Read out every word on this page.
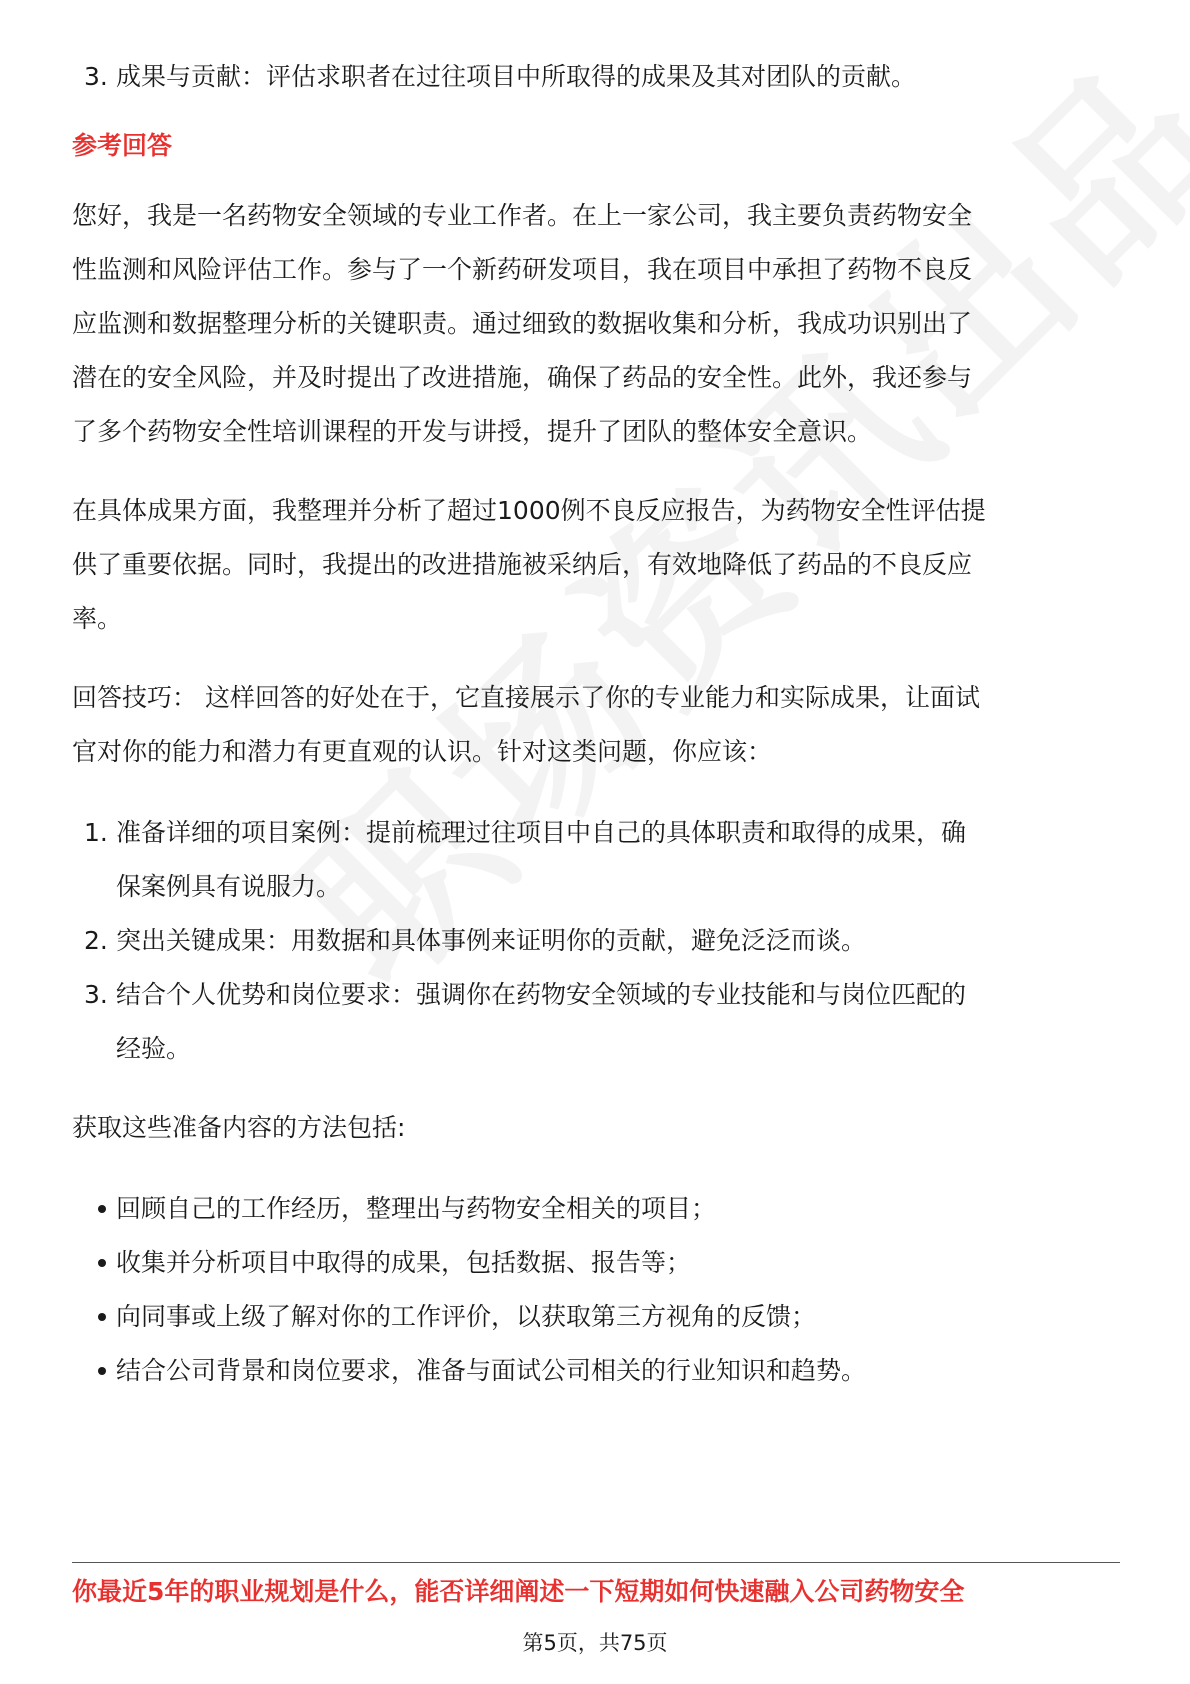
3. 成果与贡献：评估求职者在过往项目中所取得的成果及其对团队的贡献。
参考回答
您好，我是一名药物安全领域的专业工作者。在上一家公司，我主要负责药物安全
性监测和风险评估工作。参与了一个新药研发项目，我在项目中承担了药物不良反
应监测和数据整理分析的关键职责。通过细致的数据收集和分析，我成功识别出了
潜在的安全风险，并及时提出了改进措施，确保了药品的安全性。此外，我还参与
了多个药物安全性培训课程的开发与讲授，提升了团队的整体安全意识。
在具体成果方面，我整理并分析了超过1000例不良反应报告，为药物安全性评估提
供了重要依据。同时，我提出的改进措施被采纳后，有效地降低了药品的不良反应
率。
回答技巧： 这样回答的好处在于，它直接展示了你的专业能力和实际成果，让面试
官对你的能力和潜力有更直观的认识。针对这类问题，你应该：
1. 准备详细的项目案例：提前梳理过往项目中自己的具体职责和取得的成果，确
保案例具有说服力。
2. 突出关键成果：用数据和具体事例来证明你的贡献，避免泛泛而谈。
3. 结合个人优势和岗位要求：强调你在药物安全领域的专业技能和与岗位匹配的
经验。
获取这些准备内容的方法包括:
回顾自己的工作经历，整理出与药物安全相关的项目；
收集并分析项目中取得的成果，包括数据、报告等；
向同事或上级了解对你的工作评价，以获取第三方视角的反馈；
结合公司背景和岗位要求，准备与面试公司相关的行业知识和趋势。
你最近5年的职业规划是什么，能否详细阐述一下短期如何快速融入公司药物安全
第5页，共75页
